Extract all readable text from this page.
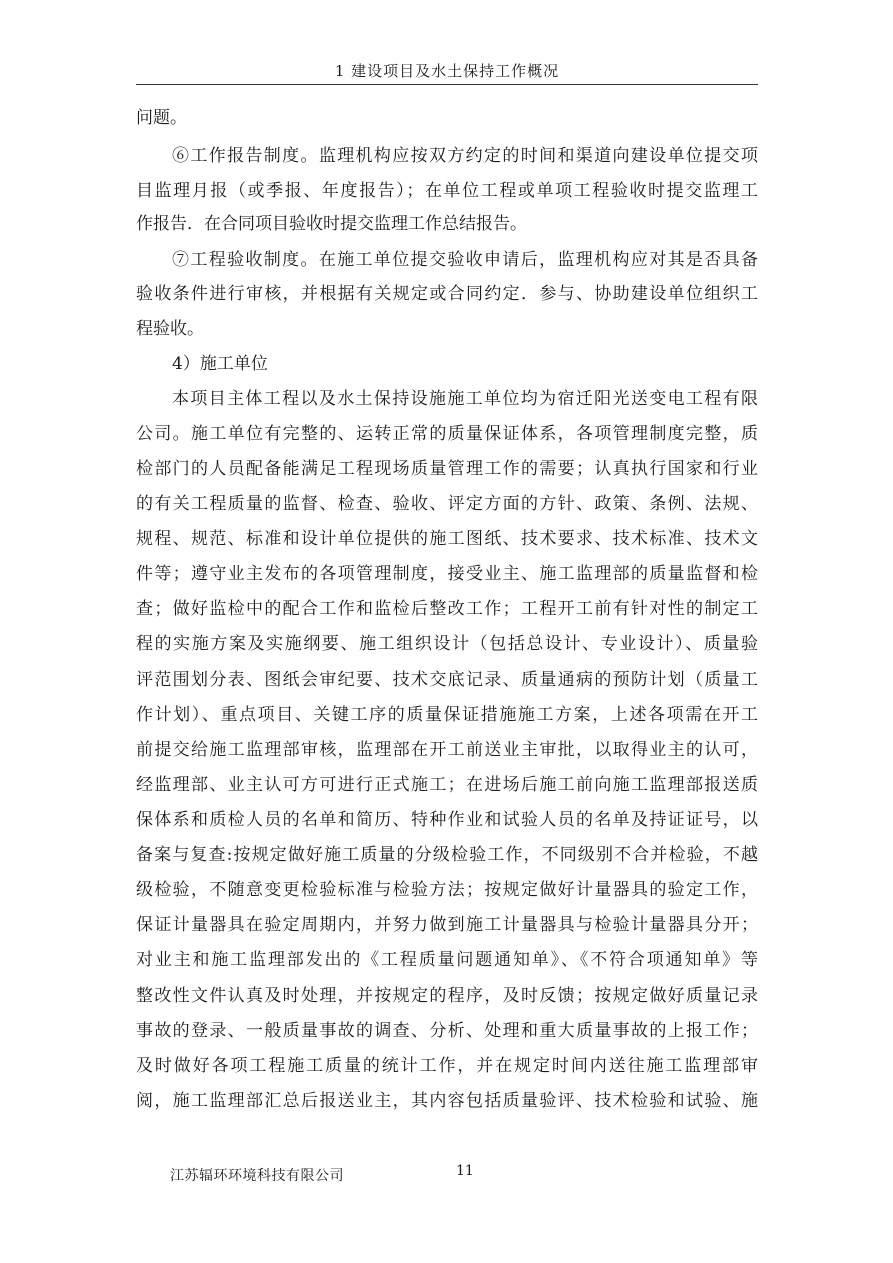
1 建设项目及水土保持工作概况
问题。
⑥工作报告制度。监理机构应按双方约定的时间和渠道向建设单位提交项
目监理月报（或季报、年度报告）；在单位工程或单项工程验收时提交监理工
作报告．在合同项目验收时提交监理工作总结报告。
⑦工程验收制度。在施工单位提交验收申请后，监理机构应对其是否具备
验收条件进行审核，并根据有关规定或合同约定．参与、协助建设单位组织工
程验收。
4）施工单位
本项目主体工程以及水土保持设施施工单位均为宿迁阳光送变电工程有限
公司。施工单位有完整的、运转正常的质量保证体系，各项管理制度完整，质
检部门的人员配备能满足工程现场质量管理工作的需要；认真执行国家和行业
的有关工程质量的监督、检查、验收、评定方面的方针、政策、条例、法规、
规程、规范、标准和设计单位提供的施工图纸、技术要求、技术标准、技术文
件等；遵守业主发布的各项管理制度，接受业主、施工监理部的质量监督和检
查；做好监检中的配合工作和监检后整改工作；工程开工前有针对性的制定工
程的实施方案及实施纲要、施工组织设计（包括总设计、专业设计）、质量验
评范围划分表、图纸会审纪要、技术交底记录、质量通病的预防计划（质量工
作计划）、重点项目、关键工序的质量保证措施施工方案，上述各项需在开工
前提交给施工监理部审核，监理部在开工前送业主审批，以取得业主的认可，
经监理部、业主认可方可进行正式施工；在进场后施工前向施工监理部报送质
保体系和质检人员的名单和简历、特种作业和试验人员的名单及持证证号，以
备案与复查:按规定做好施工质量的分级检验工作，不同级别不合并检验，不越
级检验，不随意变更检验标准与检验方法；按规定做好计量器具的验定工作，
保证计量器具在验定周期内，并努力做到施工计量器具与检验计量器具分开；
对业主和施工监理部发出的《工程质量问题通知单》、《不符合项通知单》等
整改性文件认真及时处理，并按规定的程序，及时反馈；按规定做好质量记录
事故的登录、一般质量事故的调查、分析、处理和重大质量事故的上报工作；
及时做好各项工程施工质量的统计工作，并在规定时间内送往施工监理部审
阅，施工监理部汇总后报送业主，其内容包括质量验评、技术检验和试验、施
江苏辐环环境科技有限公司	11
